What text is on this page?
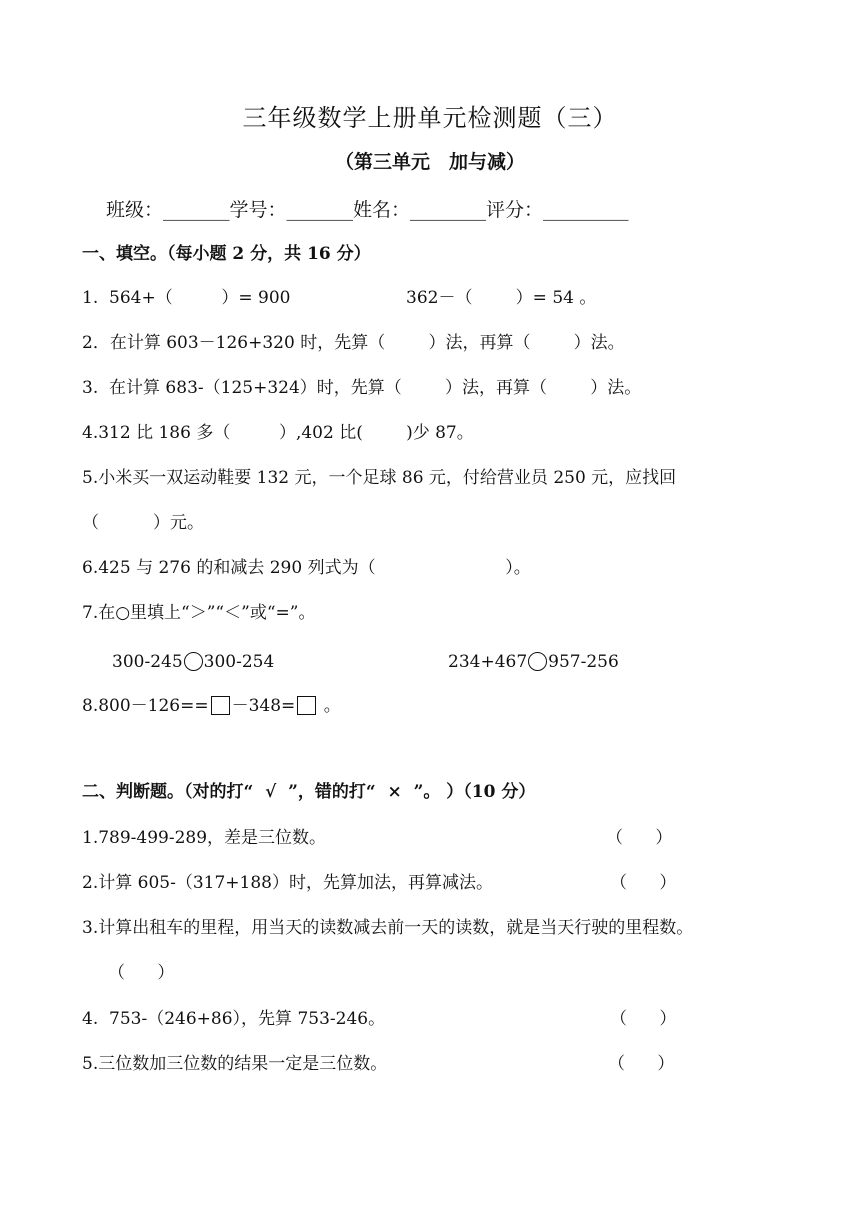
三年级数学上册单元检测题（三）
（第三单元　加与减）
班级：_______学号：_______姓名：________评分：_________
一、填空。（每小题 2 分，共 16 分）
1.  564+（         ）= 900	362－（        ）= 54 。
2．在计算 603－126+320 时，先算（        ）法，再算（        ）法。
3.  在计算 683-（125+324）时，先算（        ）法，再算（        ）法。
4.312 比 186 多（         ）,402 比(        )少 87。
5.小米买一双运动鞋要 132 元，一个足球 86 元，付给营业员 250 元，应找回
（          ）元。
6.425 与 276 的和减去 290 列式为（                        ）。
7.在○里填上“＞”“＜”或“=”。
300-245 300-254	234+467 957-256
8.800－126== －348= 。
二、判断题。（对的打“  √  ”，错的打“  ×  ”。 ）（10 分）
1.789-499-289，差是三位数。	（      ）
2.计算 605-（317+188）时，先算加法，再算减法。	（      ）
3.计算出租车的里程，用当天的读数减去前一天的读数，就是当天行驶的里程数。
（      ）
4.  753-（246+86），先算 753-246。	（      ）
5.三位数加三位数的结果一定是三位数。	（      ）
